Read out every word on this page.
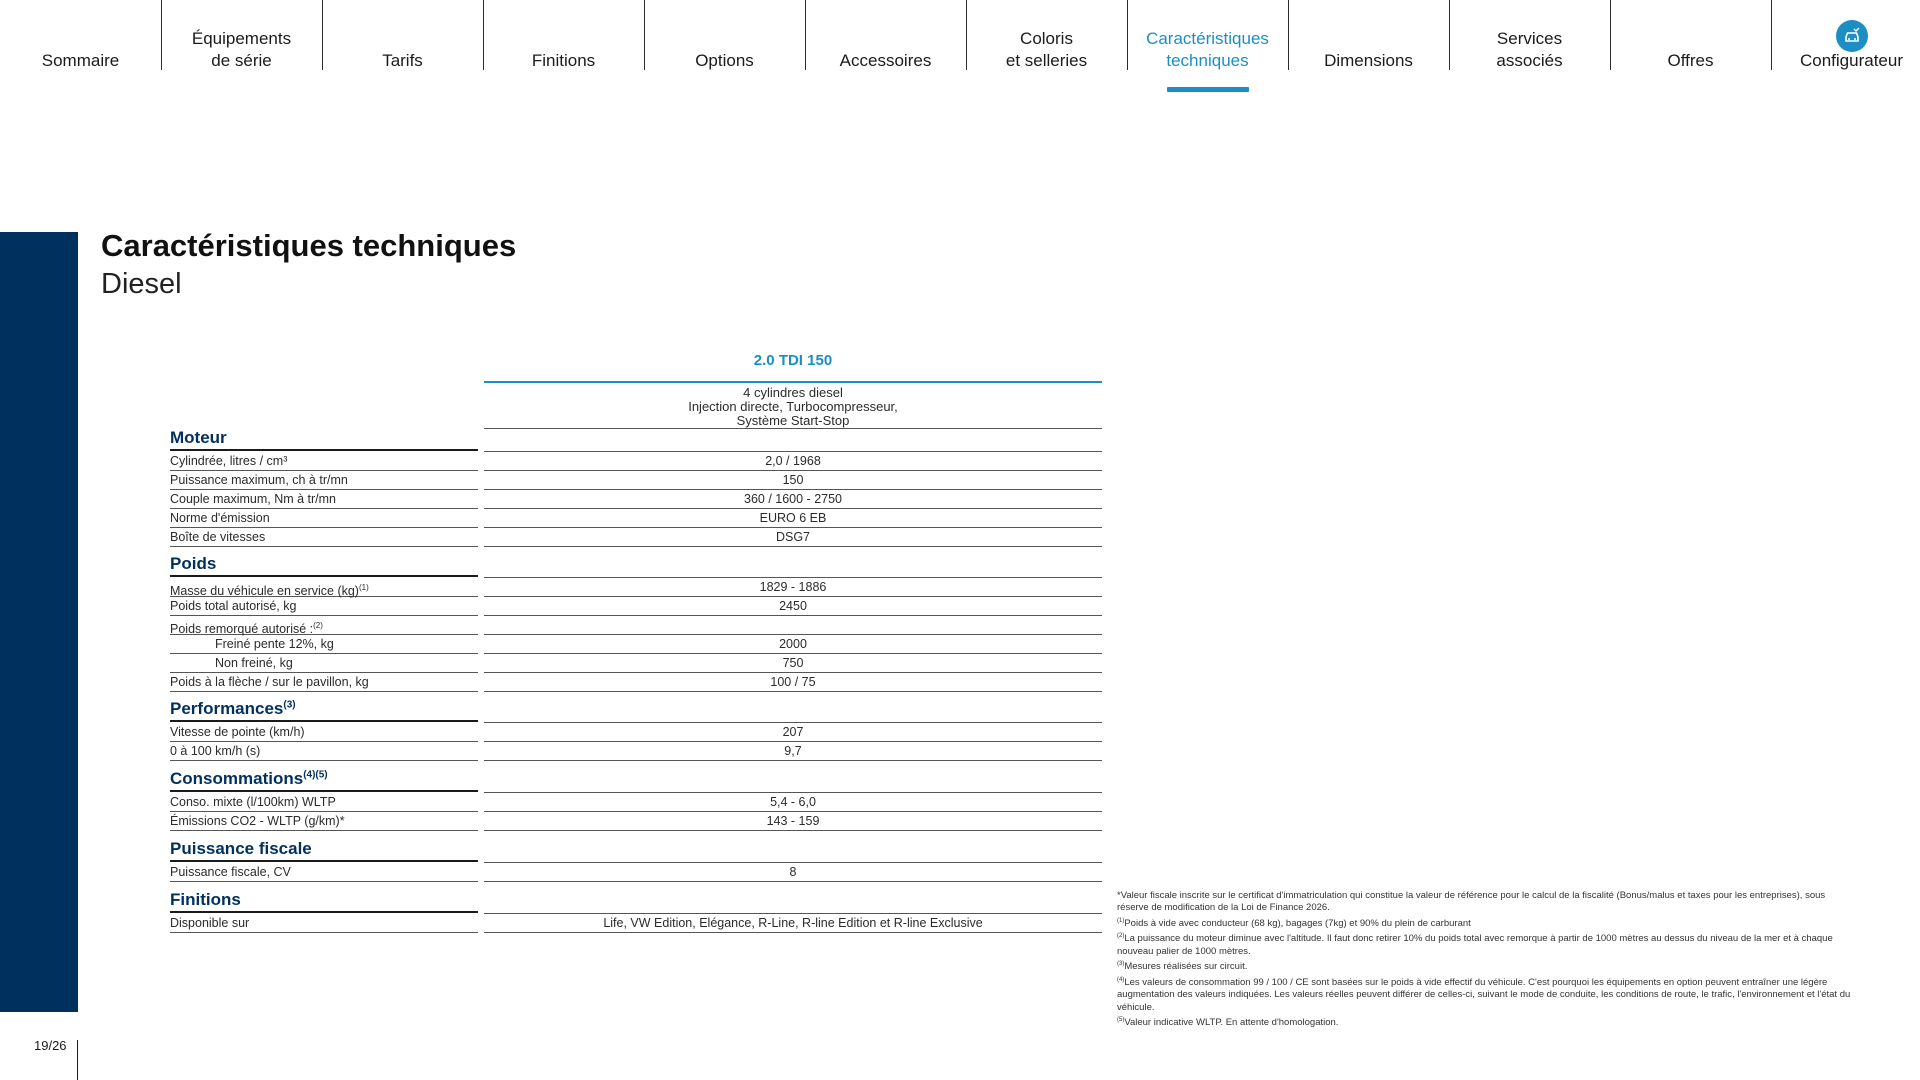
Sommaire
Équipements
de série	Tarifs	Finitions	Options	Accessoires
Coloris
et selleries
Caractéristiques
techniques	Dimensions
Services
associés	Offres	Configurateur
19/26
Caractéristiques techniques
Diesel
2.0 TDI 150
4 cylindres diesel
Injection directe, Turbocompresseur,
Système Start-Stop
Moteur
Cylindrée, litres / cm³	2,0 / 1968
Puissance maximum, ch à tr/mn	150
Couple maximum, Nm à tr/mn	360 / 1600 - 2750
Norme d'émission	EURO 6 EB
Boîte de vitesses	DSG7
Poids
Masse du véhicule en service (kg)$^{(1)}$	1829 - 1886
Poids total autorisé, kg	2450
Poids remorqué autorisé :$^{(2)}$
Freiné pente 12%, kg	2000
Non freiné, kg	750
Poids à la flèche / sur le pavillon, kg	100 / 75
Performances$^{(3)}$
Vitesse de pointe (km/h)	207
0 à 100 km/h (s)	9,7
Consommations$^{(4)(5)}$
Conso. mixte (l/100km) WLTP	5,4 - 6,0
Émissions CO2 - WLTP (g/km)*	143 - 159
Puissance fiscale
Puissance fiscale, CV	8
Finitions
Disponible sur	Life, VW Edition, Elégance, R-Line, R-line Edition et R-line Exclusive
*Valeur fiscale inscrite sur le certificat d'immatriculation qui constitue la valeur de référence pour le calcul de la fiscalité (Bonus/malus et taxes pour les entreprises), sous réserve de modification de la Loi de Finance 2026.
$^{(1)}$Poids à vide avec conducteur (68 kg), bagages (7kg) et 90% du plein de carburant
$^{(2)}$La puissance du moteur diminue avec l'altitude. Il faut donc retirer 10% du poids total avec remorque à partir de 1000 mètres au dessus du niveau de la mer et à chaque nouveau palier de 1000 mètres.
$^{(3)}$Mesures réalisées sur circuit.
$^{(4)}$Les valeurs de consommation 99 / 100 / CE sont basées sur le poids à vide effectif du véhicule. C'est pourquoi les équipements en option peuvent entraîner une légère augmentation des valeurs indiquées. Les valeurs réelles peuvent différer de celles-ci, suivant le mode de conduite, les conditions de route, le trafic, l'environnement et l'état du véhicule.
$^{(5)}$Valeur indicative WLTP. En attente d'homologation.
